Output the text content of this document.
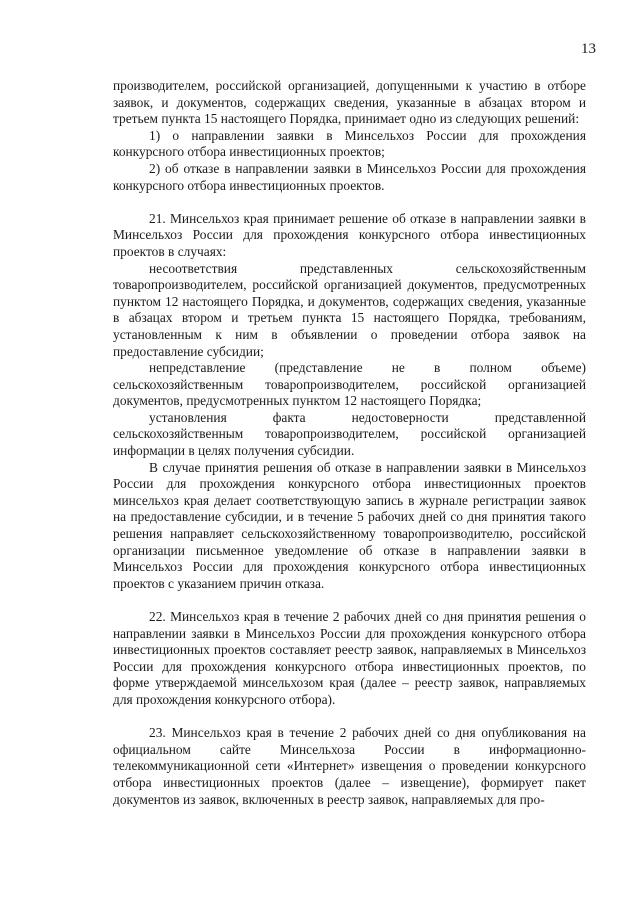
13

производителем, российской организацией, допущенными к участию в отборе заявок, и документов, содержащих сведения, указанные в абзацах втором и третьем пункта 15 настоящего Порядка, принимает одно из следующих решений:

1) о направлении заявки в Минсельхоз России для прохождения конкурсного отбора инвестиционных проектов;

2) об отказе в направлении заявки в Минсельхоз России для прохождения конкурсного отбора инвестиционных проектов.

21. Минсельхоз края принимает решение об отказе в направлении заявки в Минсельхоз России для прохождения конкурсного отбора инвестиционных проектов в случаях:

несоответствия представленных сельскохозяйственным товаропроизводителем, российской организацией документов, предусмотренных пунктом 12 настоящего Порядка, и документов, содержащих сведения, указанные в абзацах втором и третьем пункта 15 настоящего Порядка, требованиям, установленным к ним в объявлении о проведении отбора заявок на предоставление субсидии;

непредставление (представление не в полном объеме) сельскохозяйственным товаропроизводителем, российской организацией документов, предусмотренных пунктом 12 настоящего Порядка;

установления факта недостоверности представленной сельскохозяйственным товаропроизводителем, российской организацией информации в целях получения субсидии.

В случае принятия решения об отказе в направлении заявки в Минсельхоз России для прохождения конкурсного отбора инвестиционных проектов минсельхоз края делает соответствующую запись в журнале регистрации заявок на предоставление субсидии, и в течение 5 рабочих дней со дня принятия такого решения направляет сельскохозяйственному товаропроизводителю, российской организации письменное уведомление об отказе в направлении заявки в Минсельхоз России для прохождения конкурсного отбора инвестиционных проектов с указанием причин отказа.

22. Минсельхоз края в течение 2 рабочих дней со дня принятия решения о направлении заявки в Минсельхоз России для прохождения конкурсного отбора инвестиционных проектов составляет реестр заявок, направляемых в Минсельхоз России для прохождения конкурсного отбора инвестиционных проектов, по форме утверждаемой минсельхозом края (далее – реестр заявок, направляемых для прохождения конкурсного отбора).

23. Минсельхоз края в течение 2 рабочих дней со дня опубликования на официальном сайте Минсельхоза России в информационно-телекоммуникационной сети «Интернет» извещения о проведении конкурсного отбора инвестиционных проектов (далее – извещение), формирует пакет документов из заявок, включенных в реестр заявок, направляемых для про-
